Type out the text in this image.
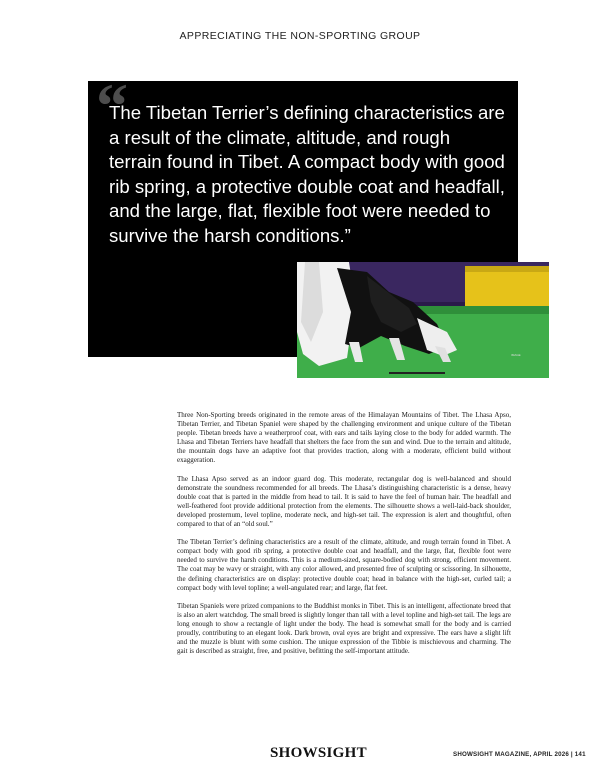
APPRECIATING THE NON-SPORTING GROUP
“
The Tibetan Terrier’s defining characteristics are a result of the climate, altitude, and rough terrain found in Tibet. A compact body with good rib spring, a protective double coat and headfall, and the large, flat, flexible foot were needed to survive the harsh conditions.”
IMAGE

Three Non-Sporting breeds originated in the remote areas of the Himalayan Mountains of Tibet. The Lhasa Apso, Tibetan Terrier, and Tibetan Spaniel were shaped by the challenging environment and unique culture of the Tibetan people. Tibetan breeds have a weatherproof coat, with ears and tails laying close to the body for added warmth. The Lhasa and Tibetan Terriers have headfall that shelters the face from the sun and wind. Due to the terrain and altitude, the mountain dogs have an adaptive foot that provides traction, along with a moderate, efficient build without exaggeration.

The Lhasa Apso served as an indoor guard dog. This moderate, rectangular dog is well-balanced and should demonstrate the soundness recommended for all breeds. The Lhasa’s distinguishing characteristic is a dense, heavy double coat that is parted in the middle from head to tail. It is said to have the feel of human hair. The headfall and well-feathered foot provide additional protection from the elements. The silhouette shows a well-laid-back shoulder, developed prosternum, level topline, moderate neck, and high-set tail. The expression is alert and thoughtful, often compared to that of an “old soul.”

The Tibetan Terrier’s defining characteristics are a result of the climate, altitude, and rough terrain found in Tibet. A compact body with good rib spring, a protective double coat and headfall, and the large, flat, flexible foot were needed to survive the harsh conditions. This is a medium-sized, square-bodied dog with strong, efficient movement. The coat may be wavy or straight, with any color allowed, and presented free of sculpting or scissoring. In silhouette, the defining characteristics are on display: protective double coat; head in balance with the high-set, curled tail; a compact body with level topline; a well-angulated rear; and large, flat feet.

Tibetan Spaniels were prized companions to the Buddhist monks in Tibet. This is an intelligent, affectionate breed that is also an alert watchdog. The small breed is slightly longer than tall with a level topline and high-set tail. The legs are long enough to show a rectangle of light under the body. The head is somewhat small for the body and is carried proudly, contributing to an elegant look. Dark brown, oval eyes are bright and expressive. The ears have a slight lift and the muzzle is blunt with some cushion. The unique expression of the Tibbie is mischievous and charming. The gait is described as straight, free, and positive, befitting the self-important attitude.

SHOWSIGHT	SHOWSIGHT MAGAZINE, APRIL 2026 | 141
